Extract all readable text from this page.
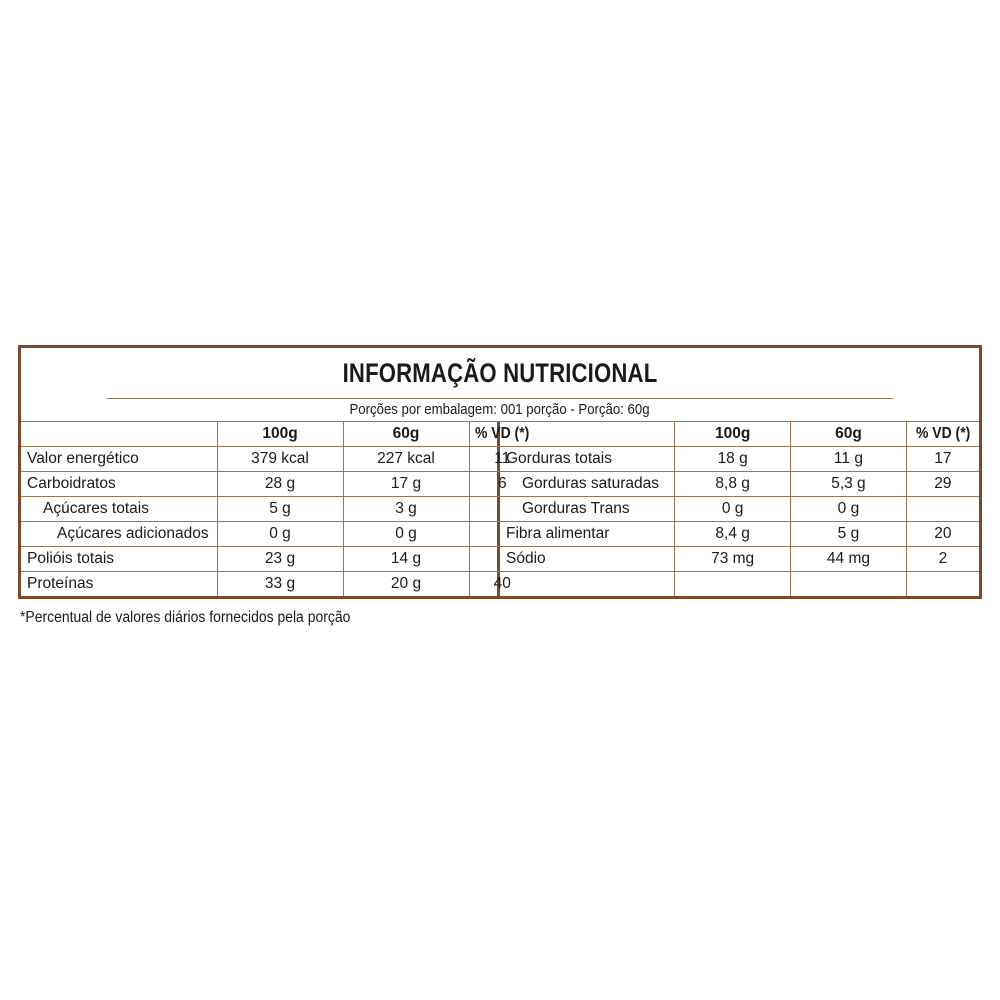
INFORMAÇÃO NUTRICIONAL
Porções por embalagem: 001 porção - Porção: 60g
	100g	60g	% VD (*)
Valor energético	379 kcal	227 kcal	11
Carboidratos	28 g	17 g	6
Açúcares totais	5 g	3 g	
Açúcares adicionados	0 g	0 g	
Polióis totais	23 g	14 g	
Proteínas	33 g	20 g	40
	100g	60g	% VD (*)
Gorduras totais	18 g	11 g	17
Gorduras saturadas	8,8 g	5,3 g	29
Gorduras Trans	0 g	0 g	
Fibra alimentar	8,4 g	5 g	20
Sódio	73 mg	44 mg	2

*Percentual de valores diários fornecidos pela porção
